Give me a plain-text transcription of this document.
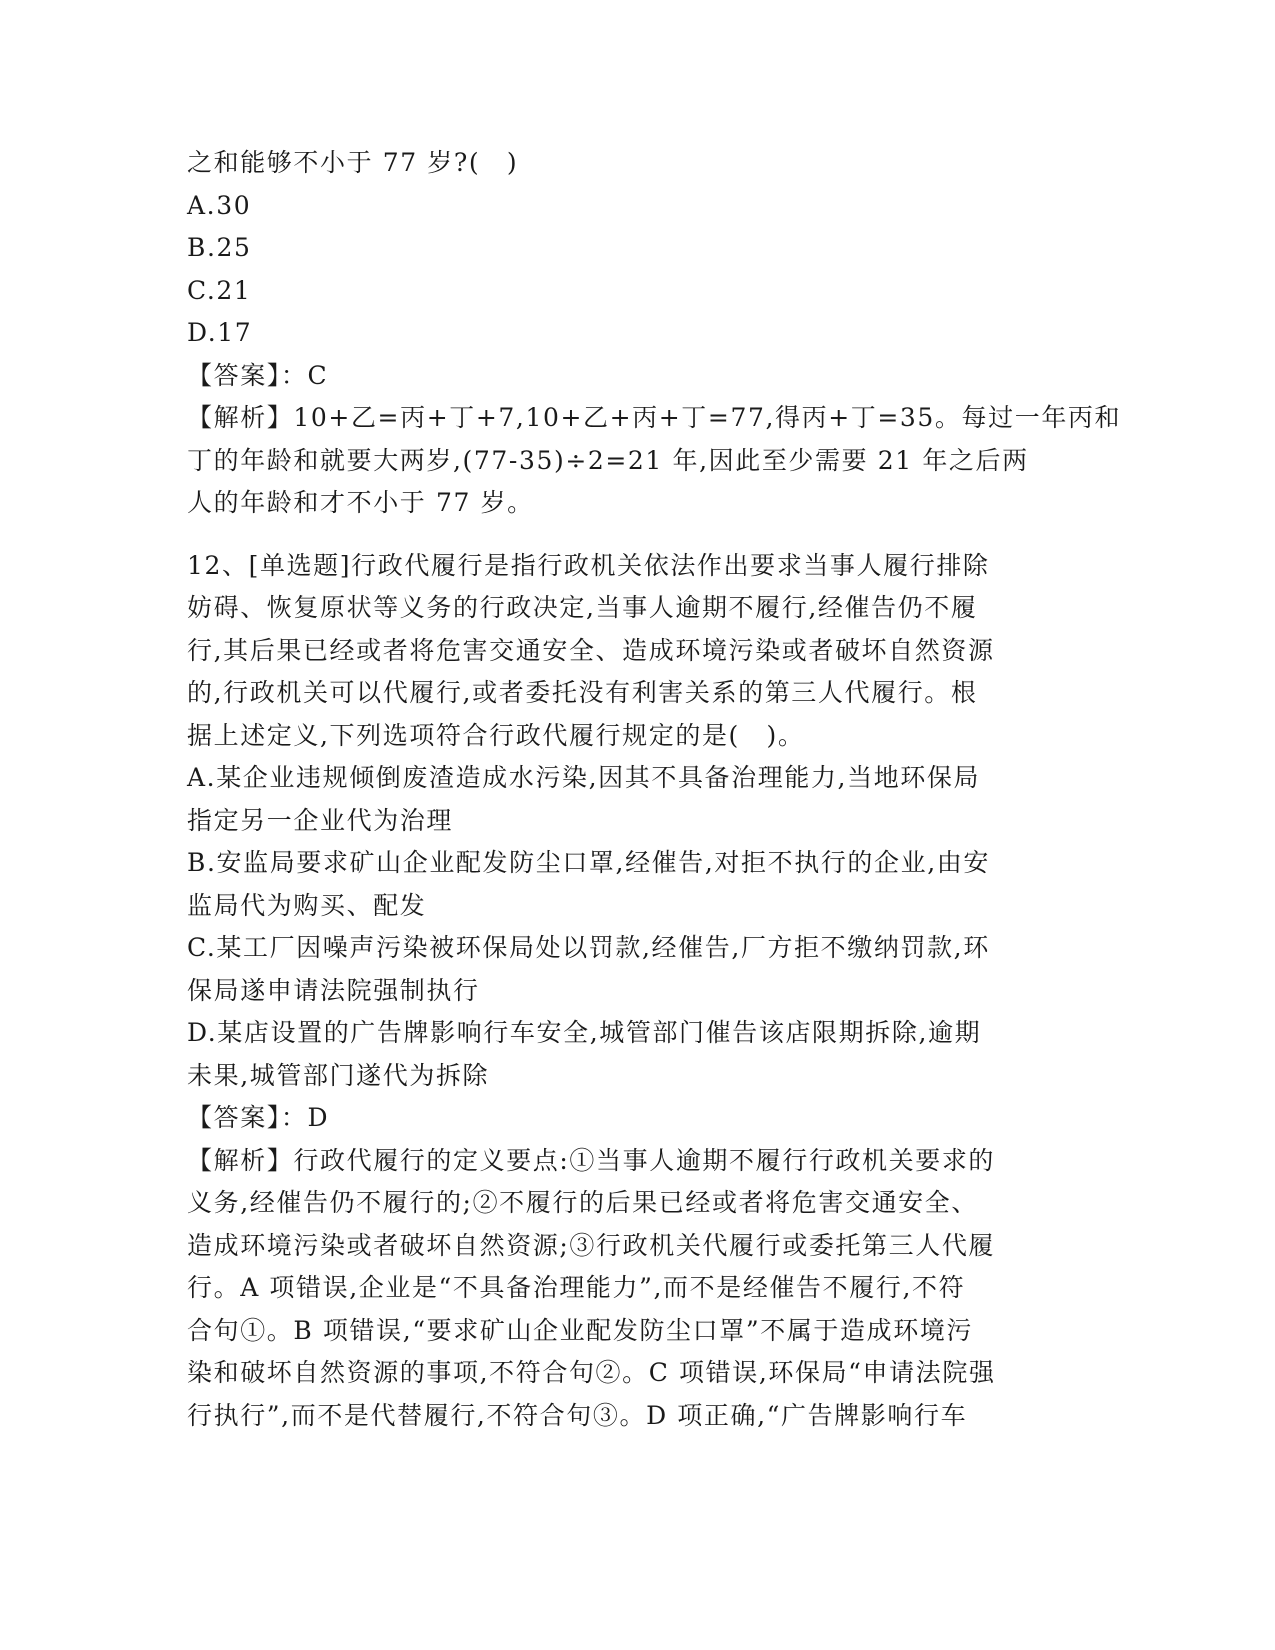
之和能够不小于 77 岁?(　)
A.30
B.25
C.21
D.17
【答案】：C
【解析】10+乙=丙+丁+7,10+乙+丙+丁=77,得丙+丁=35。每过一年丙和
丁的年龄和就要大两岁,(77-35)÷2=21 年,因此至少需要 21 年之后两
人的年龄和才不小于 77 岁。
12、[单选题]行政代履行是指行政机关依法作出要求当事人履行排除
妨碍、恢复原状等义务的行政决定,当事人逾期不履行,经催告仍不履
行,其后果已经或者将危害交通安全、造成环境污染或者破坏自然资源
的,行政机关可以代履行,或者委托没有利害关系的第三人代履行。根
据上述定义,下列选项符合行政代履行规定的是(　)。
A.某企业违规倾倒废渣造成水污染,因其不具备治理能力,当地环保局
指定另一企业代为治理
B.安监局要求矿山企业配发防尘口罩,经催告,对拒不执行的企业,由安
监局代为购买、配发
C.某工厂因噪声污染被环保局处以罚款,经催告,厂方拒不缴纳罚款,环
保局遂申请法院强制执行
D.某店设置的广告牌影响行车安全,城管部门催告该店限期拆除,逾期
未果,城管部门遂代为拆除
【答案】：D
【解析】行政代履行的定义要点:①当事人逾期不履行行政机关要求的
义务,经催告仍不履行的;②不履行的后果已经或者将危害交通安全、
造成环境污染或者破坏自然资源;③行政机关代履行或委托第三人代履
行。A 项错误,企业是“不具备治理能力”,而不是经催告不履行,不符
合句①。B 项错误,“要求矿山企业配发防尘口罩”不属于造成环境污
染和破坏自然资源的事项,不符合句②。C 项错误,环保局“申请法院强
行执行”,而不是代替履行,不符合句③。D 项正确,“广告牌影响行车
